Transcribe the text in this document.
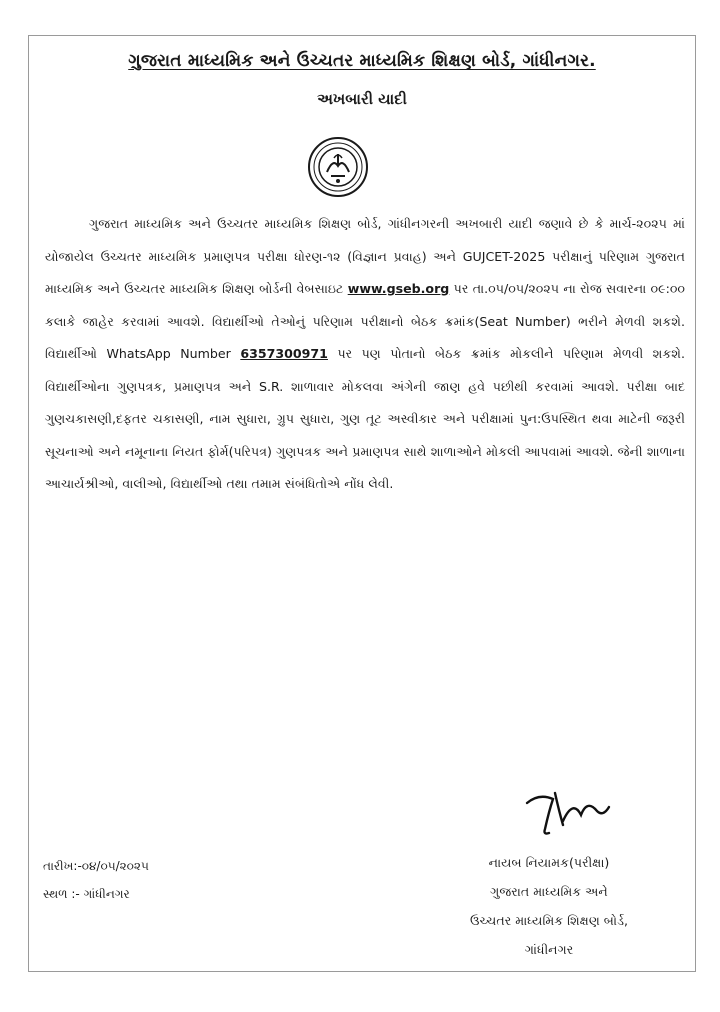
ગુજરાત માધ્યમિક અને ઉચ્ચતર માધ્યમિક શિક્ષણ બોર્ડ, ગાંધીનગર.
અખબારી યાદી
ગુજરાત માધ્યમિક અને ઉચ્ચતર માધ્યમિક શિક્ષણ બોર્ડ, ગાંધીનગરની અખબારી યાદી જણાવે છે કે માર્ચ-૨૦૨૫ માં યોજાયેલ ઉચ્ચતર માધ્યમિક પ્રમાણપત્ર પરીક્ષા ધોરણ-૧૨ (વિજ્ઞાન પ્રવાહ) અને GUJCET-2025 પરીક્ષાનું પરિણામ ગુજરાત માધ્યમિક અને ઉચ્ચતર માધ્યમિક શિક્ષણ બોર્ડની વેબસાઇટ www.gseb.org પર તા.૦૫/૦૫/૨૦૨૫ ના રોજ સવારના ૦૯:૦૦ કલાકે જાહેર કરવામાં આવશે. વિદ્યાર્થીઓ તેઓનું પરિણામ પરીક્ષાનો બેઠક ક્રમાંક(Seat Number) ભરીને મેળવી શકશે. વિદ્યાર્થીઓ WhatsApp Number 6357300971 પર પણ પોતાનો બેઠક ક્રમાંક મોકલીને પરિણામ મેળવી શકશે. વિદ્યાર્થીઓના ગુણપત્રક, પ્રમાણપત્ર અને S.R. શાળાવાર મોકલવા અંગેની જાણ હવે પછીથી કરવામાં આવશે. પરીક્ષા બાદ ગુણચકાસણી,દફતર ચકાસણી, નામ સુધારા, ગ્રુપ સુધારા, ગુણ તૂટ અસ્વીકાર અને પરીક્ષામાં પુન:ઉપસ્થિત થવા માટેની જરૂરી સૂચનાઓ અને નમૂનાના નિયત ફોર્મ(પરિપત્ર) ગુણપત્રક અને પ્રમાણપત્ર સાથે શાળાઓને મોકલી આપવામાં આવશે. જેની શાળાના આચાર્યશ્રીઓ, વાલીઓ, વિદ્યાર્થીઓ તથા તમામ સંબંધિતોએ નોંધ લેવી.
તારીખ:-૦૪/૦૫/૨૦૨૫
સ્થળ :- ગાંધીનગર
નાયબ નિયામક(પરીક્ષા)
ગુજરાત માધ્યમિક અને
ઉચ્ચતર માધ્યમિક શિક્ષણ બોર્ડ,
ગાંધીનગર
